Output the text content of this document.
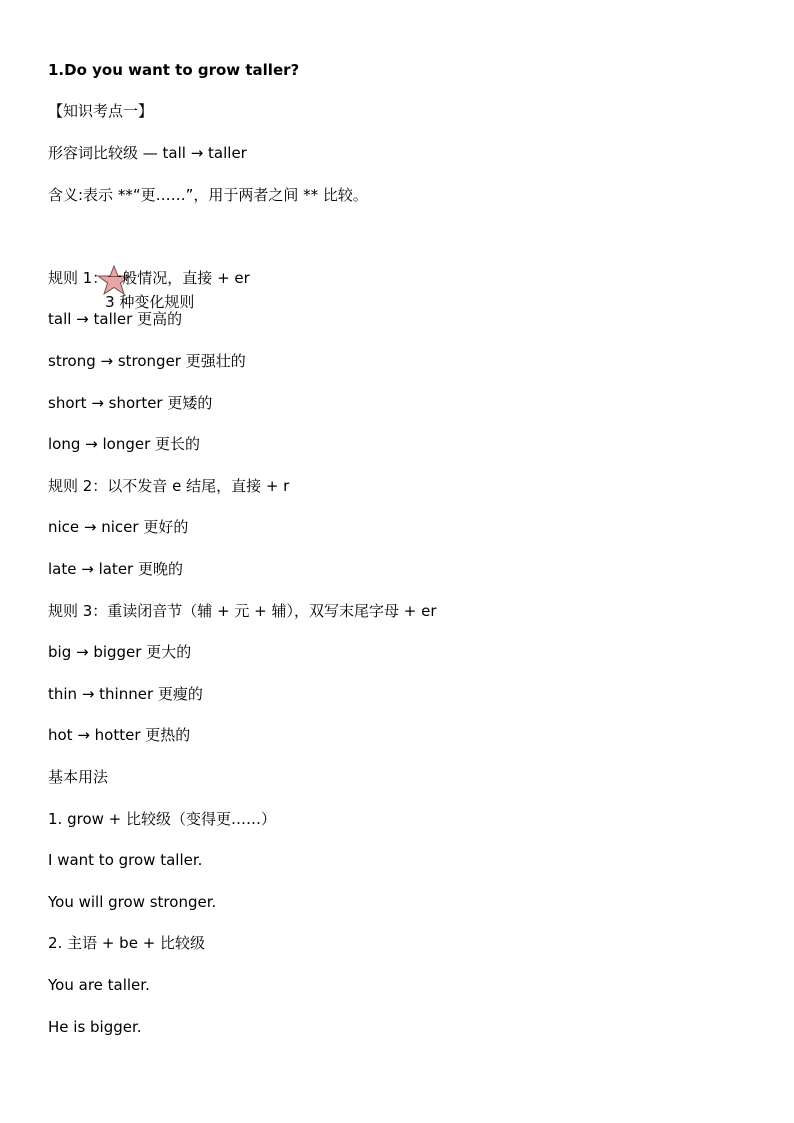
1.Do you want to grow taller?
【知识考点一】
形容词比较级 — tall → taller
含义:表示 **“更……”，用于两者之间 ** 比较。

3 种变化规则

规则 1：一般情况，直接 + er
tall → taller 更高的
strong → stronger 更强壮的
short → shorter 更矮的
long → longer 更长的
规则 2：以不发音 e 结尾，直接 + r
nice → nicer 更好的
late → later 更晚的
规则 3：重读闭音节（辅 + 元 + 辅），双写末尾字母 + er
big → bigger 更大的
thin → thinner 更瘦的
hot → hotter 更热的
基本用法
1. grow + 比较级（变得更……）
I want to grow taller.
You will grow stronger.
2. 主语 + be + 比较级
You are taller.
He is bigger.
